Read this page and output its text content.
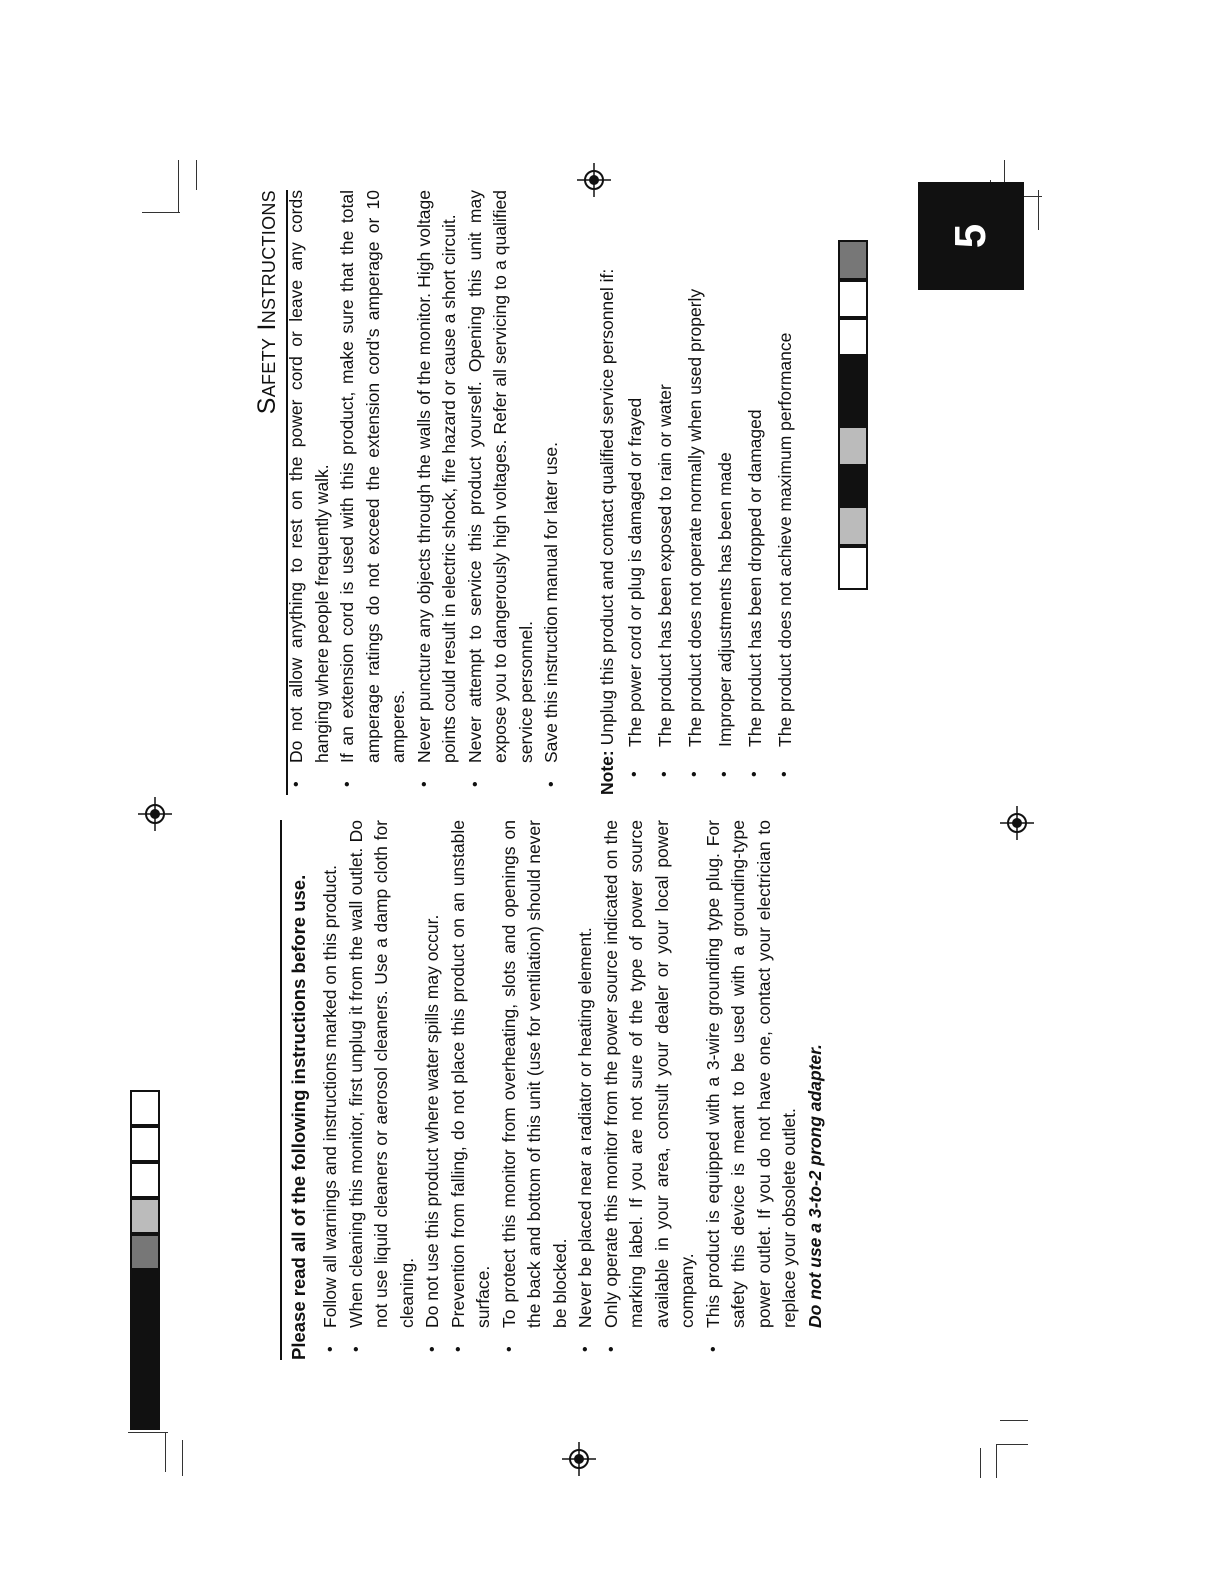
5
Safety Instructions
Please read all of the following instructions before use. • Follow all warnings and instructions marked on this product. • When cleaning this monitor, first unplug it from the wall outlet. Do not use liquid cleaners or aerosol cleaners. Use a damp cloth for cleaning. • Do not use this product where water spills may occur. • Prevention from falling, do not place this product on an unstable surface. • To protect this monitor from overheating, slots and openings on the back and bottom of this unit (use for ventilation) should never be blocked. • Never be placed near a radiator or heating element. • Only operate this monitor from the power source indicated on the marking label. If you are not sure of the type of power source available in your area, consult your dealer or your local power company. • This product is equipped with a 3-wire grounding type plug. For safety this device is meant to be used with a grounding-type power outlet. If you do not have one, contact your electrician to replace your obsolete outlet. Do not use a 3-to-2 prong adapter.
• Do not allow anything to rest on the power cord or leave any cords hanging where people frequently walk. • If an extension cord is used with this product, make sure that the total amperage ratings do not exceed the extension cord's amperage or 10 amperes. • Never puncture any objects through the walls of the monitor. High voltage points could result in electric shock, fire hazard or cause a short circuit. • Never attempt to service this product yourself. Opening this unit may expose you to dangerously high voltages. Refer all servicing to a qualified service personnel. • Save this instruction manual for later use.
Note: Unplug this product and contact qualified service personnel if: • The power cord or plug is damaged or frayed • The product has been exposed to rain or water • The product does not operate normally when used properly • Improper adjustments has been made • The product has been dropped or damaged • The product does not achieve maximum performance
